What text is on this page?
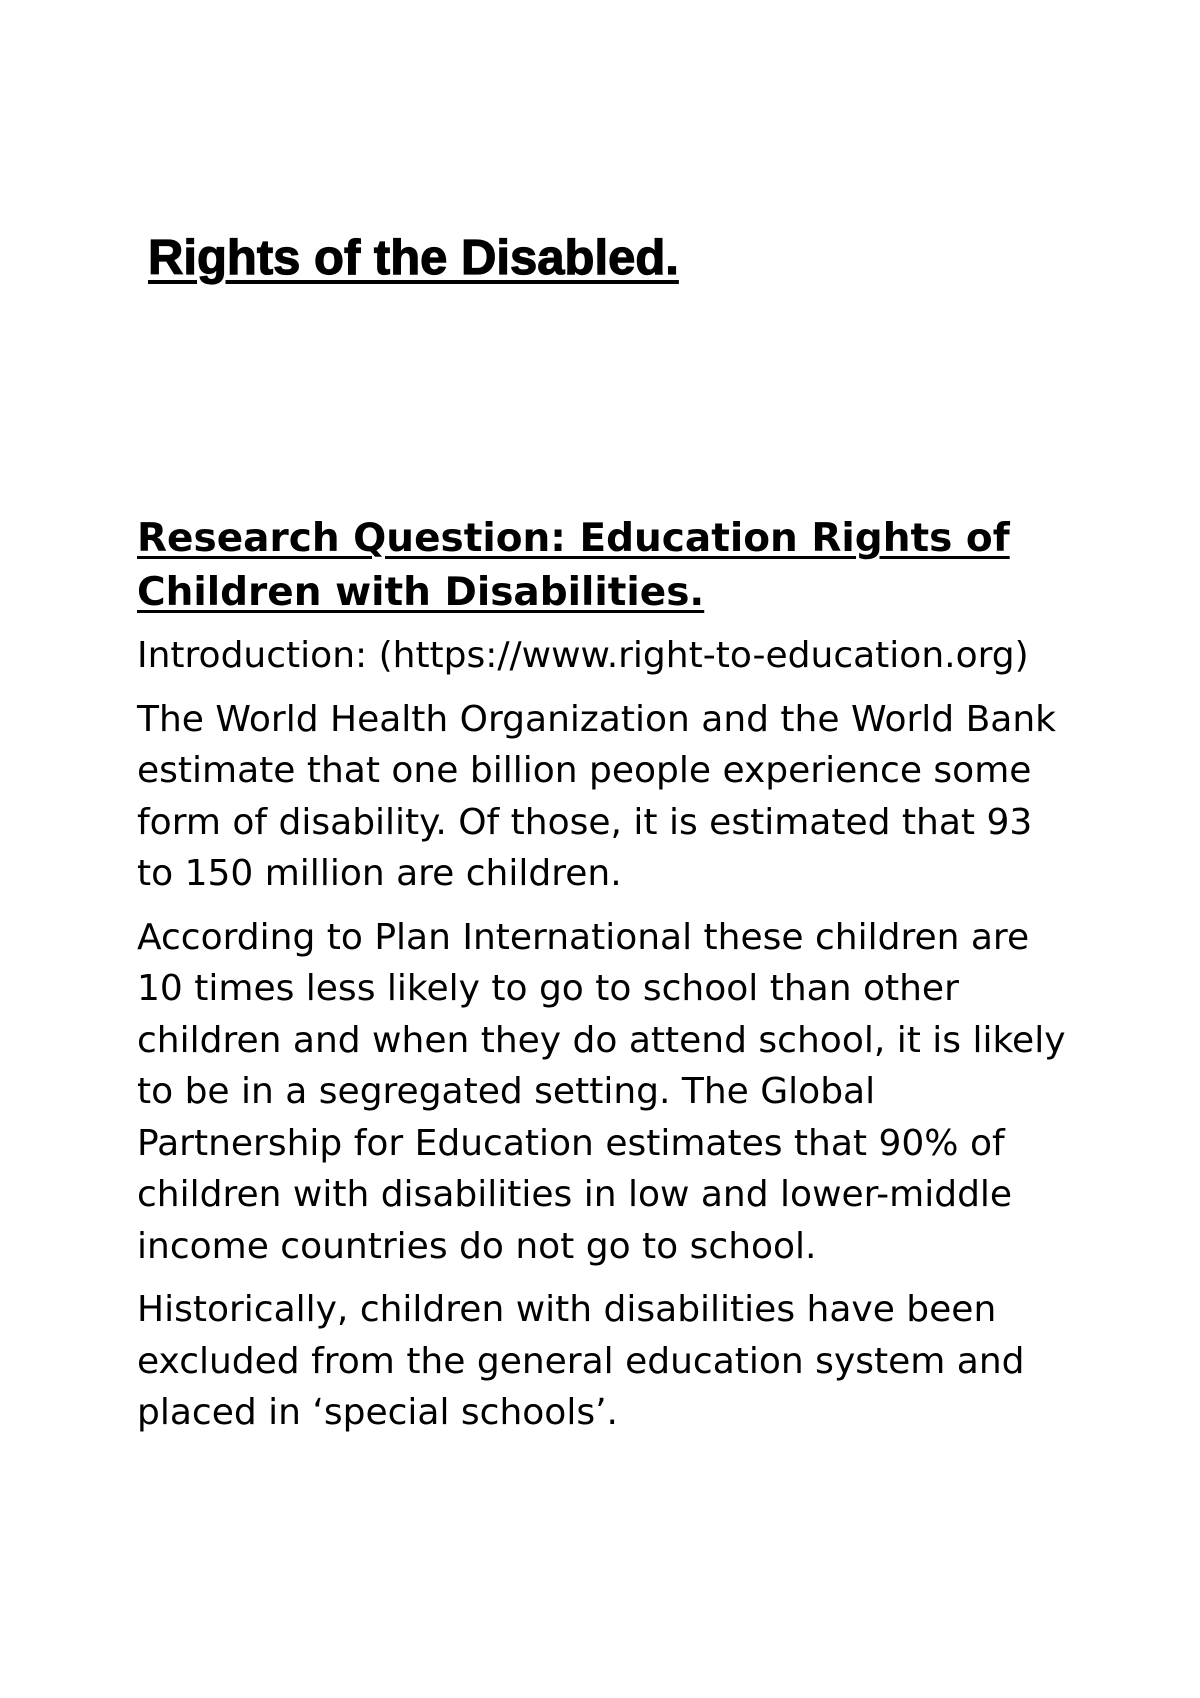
Rights of the Disabled.
Research Question: Education Rights of Children with Disabilities.

Introduction: (https://www.right-to-education.org)

The World Health Organization and the World Bank estimate that one billion people experience some form of disability. Of those, it is estimated that 93 to 150 million are children.

According to Plan International these children are 10 times less likely to go to school than other children and when they do attend school, it is likely to be in a segregated setting. The Global Partnership for Education estimates that 90% of children with disabilities in low and lower-middle income countries do not go to school.

Historically, children with disabilities have been excluded from the general education system and placed in ‘special schools’.
